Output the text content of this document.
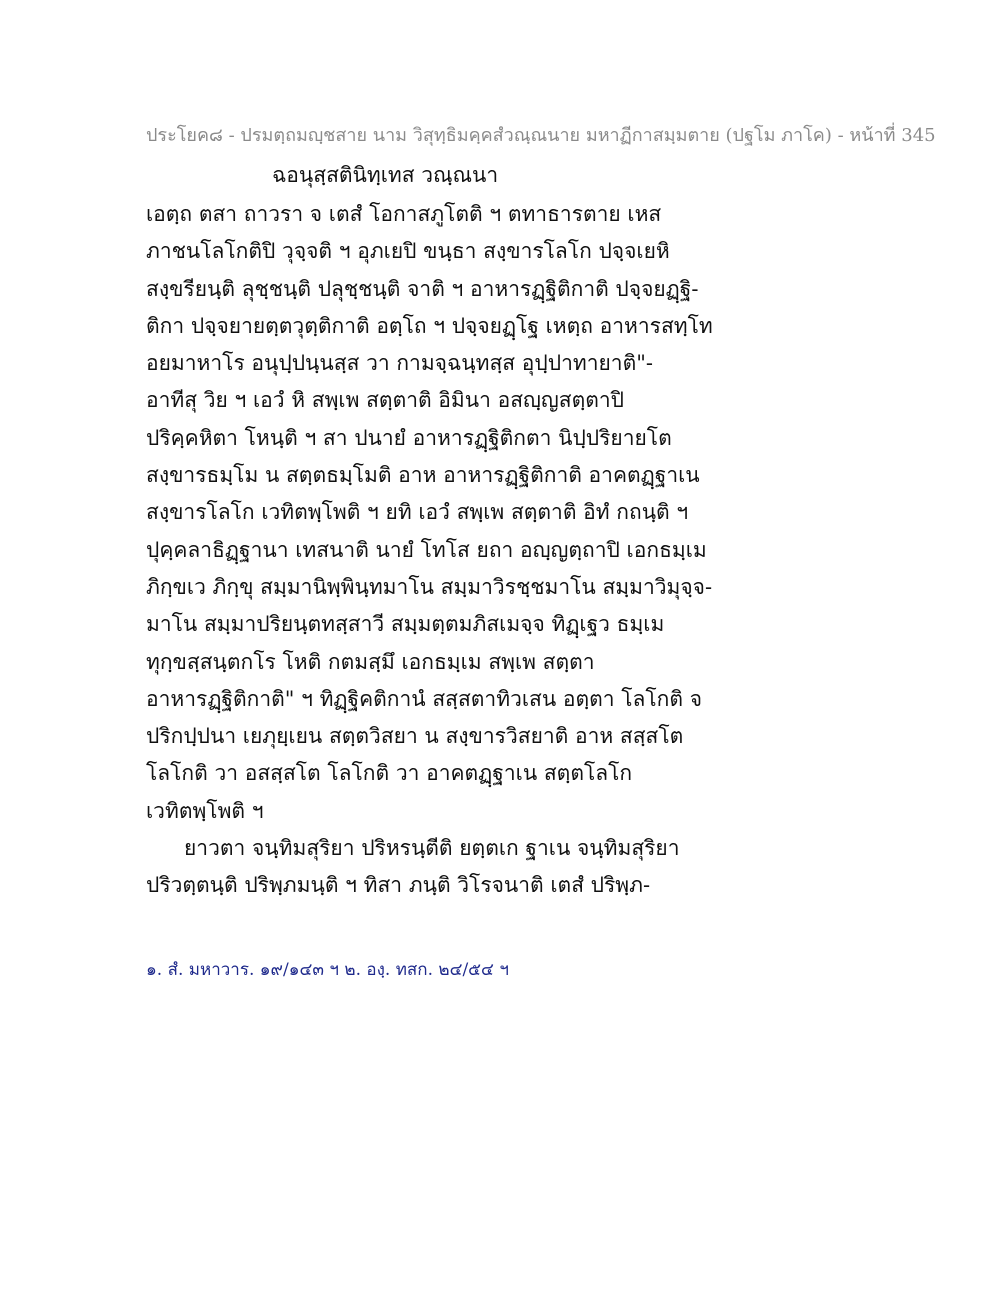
ประโยค๘ - ปรมตฺถมญฺชสาย นาม วิสุทฺธิมคฺคสํวณฺณนาย มหาฏีกาสมฺมตาย (ปฐโม ภาโค) - หน้าที่ 345
ฉอนุสฺสตินิทฺเทส วณฺณนา
เอตฺถ ตสา ถาวรา จ เตสํ โอกาสภูโตติ ฯ ตทาธารตาย เหส
ภาชนโลโกติปิ วุจฺจติ ฯ อุภเยปิ ขนฺธา สงฺขารโลโก ปจฺจเยหิ
สงฺขรียนฺติ ลุชฺชนฺติ ปลุชฺชนฺติ จาติ ฯ อาหารฏฺฐิติกาติ ปจฺจยฏฺฐิ-
ติกา ปจฺจยายตฺตวุตฺติกาติ อตฺโถ ฯ ปจฺจยฏฺโฐ เหตฺถ อาหารสทฺโท
อยมาหาโร อนุปฺปนฺนสฺส วา กามจฺฉนฺทสฺส อุปฺปาทายาติ"-
อาทีสุ วิย ฯ เอวํ หิ สพฺเพ สตฺตาติ อิมินา อสญฺญสตฺตาปิ
ปริคฺคหิตา โหนฺติ ฯ สา ปนายํ อาหารฏฺฐิติกตา นิปฺปริยายโต
สงฺขารธมฺโม น สตฺตธมฺโมติ อาห อาหารฏฺฐิติกาติ อาคตฏฺฐาเน
สงฺขารโลโก เวทิตพฺโพติ ฯ ยทิ เอวํ สพฺเพ สตฺตาติ อิทํ กถนฺติ ฯ
ปุคฺคลาธิฏฺฐานา เทสนาติ นายํ โทโส ยถา อญฺญตฺถาปิ เอกธมฺเม
ภิกฺขเว ภิกฺขุ สมฺมานิพฺพินฺทมาโน สมฺมาวิรชฺชมาโน สมฺมาวิมุจฺจ-
มาโน สมฺมาปริยนฺตทสฺสาวี สมฺมตฺตมภิสเมจฺจ ทิฏฺเฐว ธมฺเม
ทุกฺขสฺสนฺตกโร โหติ กตมสฺมึ เอกธมฺเม สพฺเพ สตฺตา
อาหารฏฺฐิติกาติ" ฯ ทิฏฺฐิคติกานํ สสฺสตาทิวเสน อตฺตา โลโกติ จ
ปริกปฺปนา เยภุยฺเยน สตฺตวิสยา น สงฺขารวิสยาติ อาห สสฺสโต
โลโกติ วา อสสฺสโต โลโกติ วา อาคตฏฺฐาเน สตฺตโลโก
เวทิตพฺโพติ ฯ
ยาวตา จนฺทิมสุริยา ปริหรนฺตีติ ยตฺตเก ฐาเน จนฺทิมสุริยา
ปริวตฺตนฺติ ปริพฺภมนฺติ ฯ ทิสา ภนฺติ วิโรจนาติ เตสํ ปริพฺภ-
๑. สํ. มหาวาร. ๑๙/๑๔๓ ฯ ๒. องฺ. ทสก. ๒๔/๕๔ ฯ
